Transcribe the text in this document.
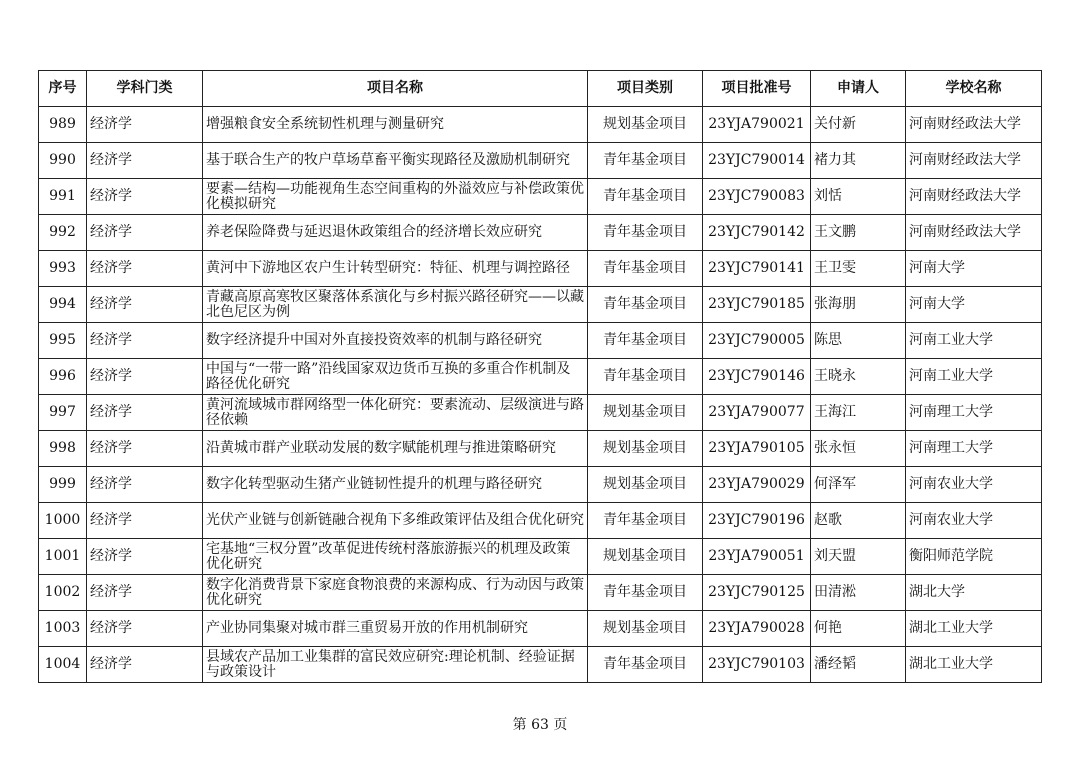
序号	学科门类	项目名称	项目类别	项目批准号	申请人	学校名称
989	经济学	增强粮食安全系统韧性机理与测量研究	规划基金项目	23YJA790021	关付新	河南财经政法大学
990	经济学	基于联合生产的牧户草场草畜平衡实现路径及激励机制研究	青年基金项目	23YJC790014	褚力其	河南财经政法大学
991	经济学	要素—结构—功能视角生态空间重构的外溢效应与补偿政策优化模拟研究	青年基金项目	23YJC790083	刘恬	河南财经政法大学
992	经济学	养老保险降费与延迟退休政策组合的经济增长效应研究	青年基金项目	23YJC790142	王文鹏	河南财经政法大学
993	经济学	黄河中下游地区农户生计转型研究：特征、机理与调控路径	青年基金项目	23YJC790141	王卫雯	河南大学
994	经济学	青藏高原高寒牧区聚落体系演化与乡村振兴路径研究——以藏北色尼区为例	青年基金项目	23YJC790185	张海朋	河南大学
995	经济学	数字经济提升中国对外直接投资效率的机制与路径研究	青年基金项目	23YJC790005	陈思	河南工业大学
996	经济学	中国与“一带一路”沿线国家双边货币互换的多重合作机制及路径优化研究	青年基金项目	23YJC790146	王晓永	河南工业大学
997	经济学	黄河流域城市群网络型一体化研究：要素流动、层级演进与路径依赖	规划基金项目	23YJA790077	王海江	河南理工大学
998	经济学	沿黄城市群产业联动发展的数字赋能机理与推进策略研究	规划基金项目	23YJA790105	张永恒	河南理工大学
999	经济学	数字化转型驱动生猪产业链韧性提升的机理与路径研究	规划基金项目	23YJA790029	何泽军	河南农业大学
1000	经济学	光伏产业链与创新链融合视角下多维政策评估及组合优化研究	青年基金项目	23YJC790196	赵歌	河南农业大学
1001	经济学	宅基地“三权分置”改革促进传统村落旅游振兴的机理及政策优化研究	规划基金项目	23YJA790051	刘天盟	衡阳师范学院
1002	经济学	数字化消费背景下家庭食物浪费的来源构成、行为动因与政策优化研究	青年基金项目	23YJC790125	田清淞	湖北大学
1003	经济学	产业协同集聚对城市群三重贸易开放的作用机制研究	规划基金项目	23YJA790028	何艳	湖北工业大学
1004	经济学	县域农产品加工业集群的富民效应研究:理论机制、经验证据与政策设计	青年基金项目	23YJC790103	潘经韬	湖北工业大学
第 63 页
